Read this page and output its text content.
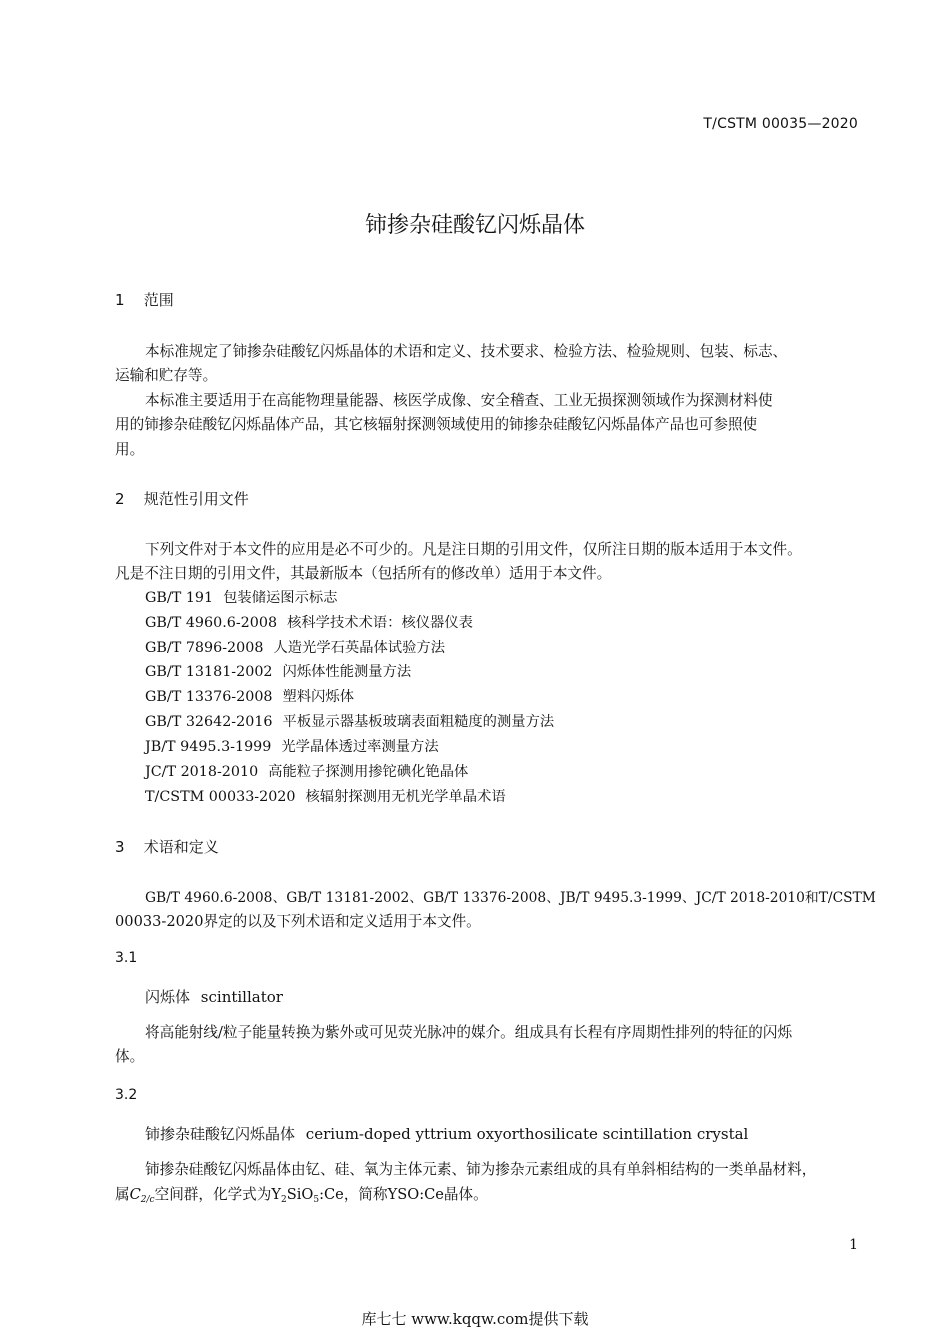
T/CSTM 00035—2020
铈掺杂硅酸钇闪烁晶体
1 范围
本标准规定了铈掺杂硅酸钇闪烁晶体的术语和定义、技术要求、检验方法、检验规则、包装、标志、
运输和贮存等。
本标准主要适用于在高能物理量能器、核医学成像、安全稽查、工业无损探测领域作为探测材料使
用的铈掺杂硅酸钇闪烁晶体产品，其它核辐射探测领域使用的铈掺杂硅酸钇闪烁晶体产品也可参照使
用。
2 规范性引用文件
下列文件对于本文件的应用是必不可少的。凡是注日期的引用文件，仅所注日期的版本适用于本文件。
凡是不注日期的引用文件，其最新版本（包括所有的修改单）适用于本文件。
GB/T 191 包装储运图示标志
GB/T 4960.6-2008 核科学技术术语：核仪器仪表
GB/T 7896-2008 人造光学石英晶体试验方法
GB/T 13181-2002 闪烁体性能测量方法
GB/T 13376-2008 塑料闪烁体
GB/T 32642-2016 平板显示器基板玻璃表面粗糙度的测量方法
JB/T 9495.3-1999 光学晶体透过率测量方法
JC/T 2018-2010 高能粒子探测用掺铊碘化铯晶体
T/CSTM 00033-2020 核辐射探测用无机光学单晶术语
3 术语和定义
GB/T 4960.6-2008、GB/T 13181-2002、GB/T 13376-2008、JB/T 9495.3-1999、JC/T 2018-2010和T/CSTM
00033-2020界定的以及下列术语和定义适用于本文件。
3.1
闪烁体 scintillator
将高能射线/粒子能量转换为紫外或可见荧光脉冲的媒介。组成具有长程有序周期性排列的特征的闪烁
体。
3.2
铈掺杂硅酸钇闪烁晶体 cerium-doped yttrium oxyorthosilicate scintillation crystal
铈掺杂硅酸钇闪烁晶体由钇、硅、氧为主体元素、铈为掺杂元素组成的具有单斜相结构的一类单晶材料，
属$C_{2/c}$空间群，化学式为$Y_2SiO_5:Ce$，简称YSO:Ce晶体。
1
库七七 www.kqqw.com提供下载
